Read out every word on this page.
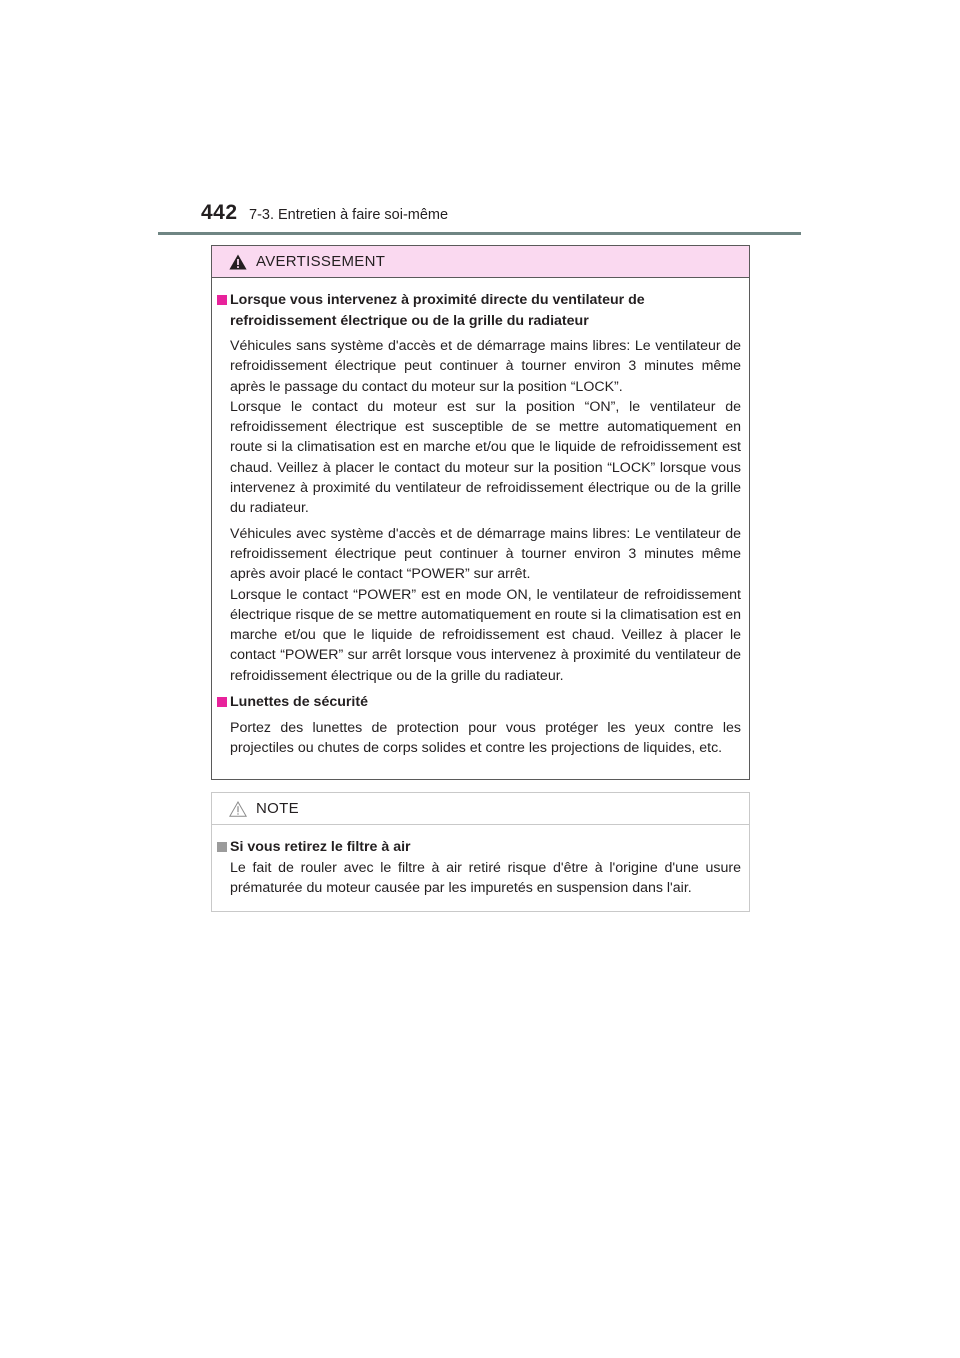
442 7-3. Entretien à faire soi-même
AVERTISSEMENT
Lorsque vous intervenez à proximité directe du ventilateur de refroidissement électrique ou de la grille du radiateur
Véhicules sans système d'accès et de démarrage mains libres: Le ventilateur de refroidissement électrique peut continuer à tourner environ 3 minutes même après le passage du contact du moteur sur la position “LOCK”.
Lorsque le contact du moteur est sur la position “ON”, le ventilateur de refroidissement électrique est susceptible de se mettre automatiquement en route si la climatisation est en marche et/ou que le liquide de refroidissement est chaud. Veillez à placer le contact du moteur sur la position “LOCK” lorsque vous intervenez à proximité du ventilateur de refroidissement électrique ou de la grille du radiateur.
Véhicules avec système d'accès et de démarrage mains libres: Le ventilateur de refroidissement électrique peut continuer à tourner environ 3 minutes même après avoir placé le contact “POWER” sur arrêt.
Lorsque le contact “POWER” est en mode ON, le ventilateur de refroidissement électrique risque de se mettre automatiquement en route si la climatisation est en marche et/ou que le liquide de refroidissement est chaud. Veillez à placer le contact “POWER” sur arrêt lorsque vous intervenez à proximité du ventilateur de refroidissement électrique ou de la grille du radiateur.
Lunettes de sécurité
Portez des lunettes de protection pour vous protéger les yeux contre les projectiles ou chutes de corps solides et contre les projections de liquides, etc.
NOTE
Si vous retirez le filtre à air
Le fait de rouler avec le filtre à air retiré risque d'être à l'origine d'une usure prématurée du moteur causée par les impuretés en suspension dans l'air.
